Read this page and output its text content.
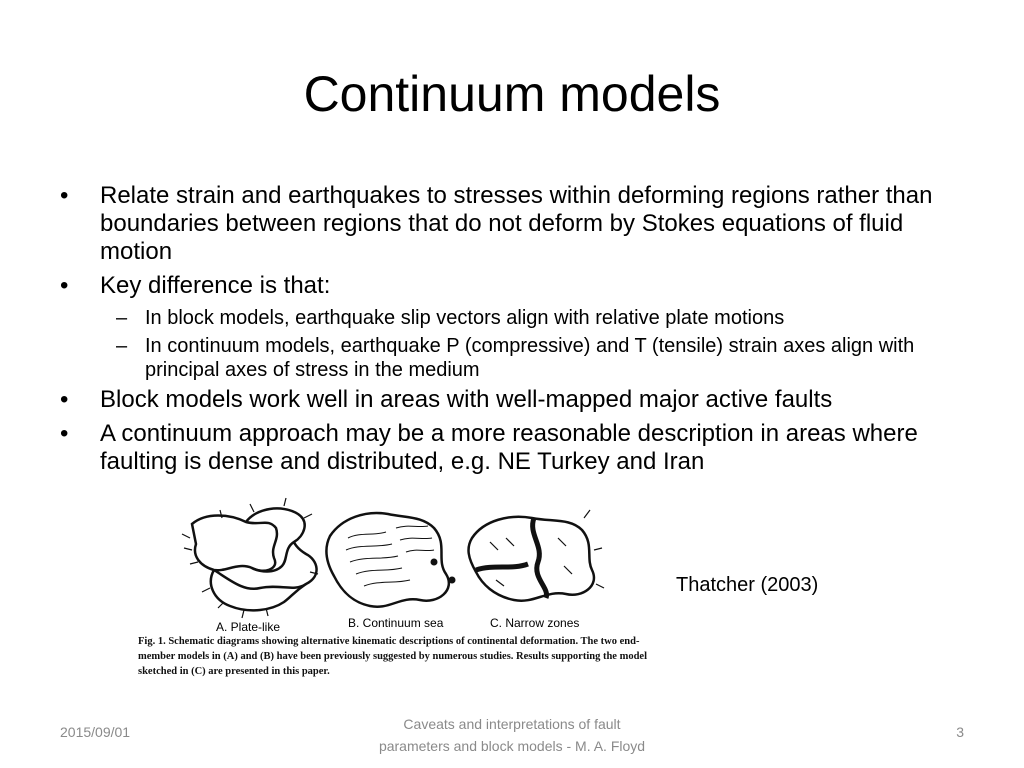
Continuum models
• Relate strain and earthquakes to stresses within deforming regions rather than boundaries between regions that do not deform by Stokes equations of fluid motion
• Key difference is that:
– In block models, earthquake slip vectors align with relative plate motions
– In continuum models, earthquake P (compressive) and T (tensile) strain axes align with principal axes of stress in the medium
• Block models work well in areas with well-mapped major active faults
• A continuum approach may be a more reasonable description in areas where faulting is dense and distributed, e.g. NE Turkey and Iran
A. Plate-like	B. Continuum sea	C. Narrow zones
Fig. 1. Schematic diagrams showing alternative kinematic descriptions of continental deformation. The two end-member models in (A) and (B) have been previously suggested by numerous studies. Results supporting the model sketched in (C) are presented in this paper.
Thatcher (2003)
2015/09/01	Caveats and interpretations of fault
parameters and block models - M. A. Floyd
3
